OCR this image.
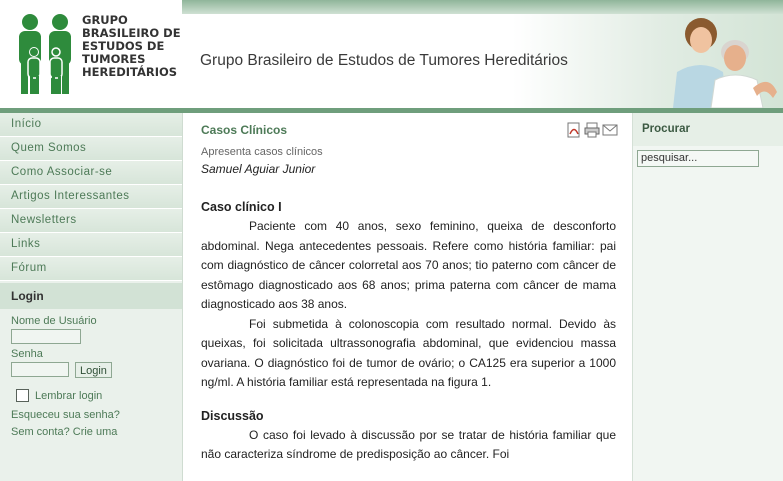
GRUPO
BRASILEIRO DE
ESTUDOS DE
TUMORES
HEREDITÁRIOS
Grupo Brasileiro de Estudos de Tumores Hereditários
Início
Quem Somos
Como Associar-se
Artigos Interessantes
Newsletters
Links
Fórum
Login
Nome de Usuário
Senha
Login
Lembrar login
Esqueceu sua senha?
Sem conta? Crie uma
Casos Clínicos
Apresenta casos clínicos
Samuel Aguiar Junior
Caso clínico I

Paciente com 40 anos, sexo feminino, queixa de desconforto abdominal. Nega antecedentes pessoais. Refere como história familiar: pai com diagnóstico de câncer colorretal aos 70 anos; tio paterno com câncer de estômago diagnosticado aos 68 anos; prima paterna com câncer de mama diagnosticado aos 38 anos.

Foi submetida à colonoscopia com resultado normal. Devido às queixas, foi solicitada ultrassonografia abdominal, que evidenciou massa ovariana. O diagnóstico foi de tumor de ovário; o CA125 era superior a 1000 ng/ml. A história familiar está representada na figura 1.

Discussão

O caso foi levado à discussão por se tratar de história familiar que não caracteriza síndrome de predisposição ao câncer. Foi

Procurar
pesquisar...
